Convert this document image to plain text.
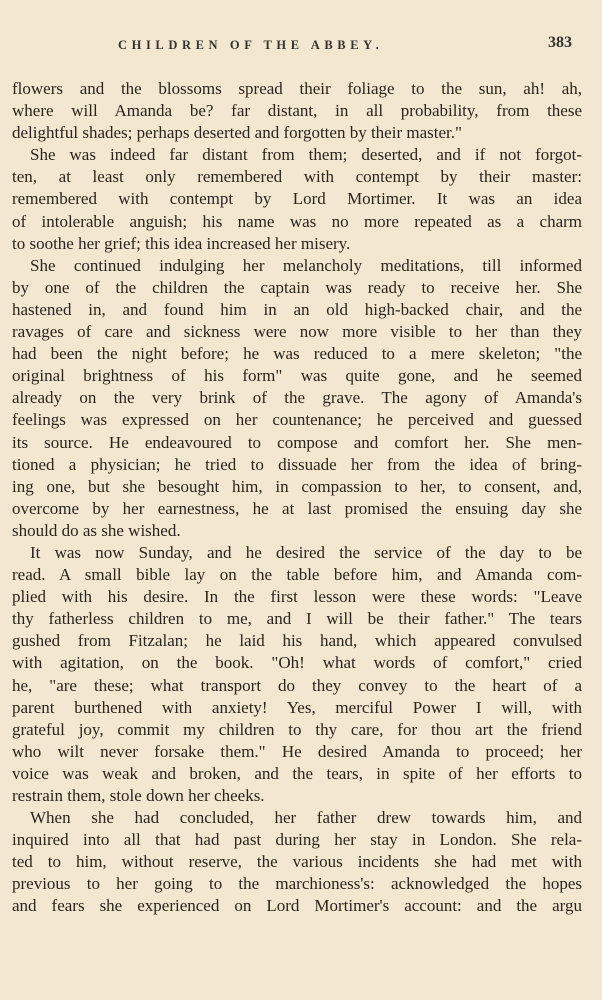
CHILDREN OF THE ABBEY.	383
flowers and the blossoms spread their foliage to the sun, ah! ah,
where will Amanda be? far distant, in all probability, from these
delightful shades; perhaps deserted and forgotten by their master."
She was indeed far distant from them; deserted, and if not forgot-
ten, at least only remembered with contempt by their master:
remembered with contempt by Lord Mortimer. It was an idea
of intolerable anguish; his name was no more repeated as a charm
to soothe her grief; this idea increased her misery.
She continued indulging her melancholy meditations, till informed
by one of the children the captain was ready to receive her. She
hastened in, and found him in an old high-backed chair, and the
ravages of care and sickness were now more visible to her than they
had been the night before; he was reduced to a mere skeleton; "the
original brightness of his form" was quite gone, and he seemed
already on the very brink of the grave. The agony of Amanda's
feelings was expressed on her countenance; he perceived and guessed
its source. He endeavoured to compose and comfort her. She men-
tioned a physician; he tried to dissuade her from the idea of bring-
ing one, but she besought him, in compassion to her, to consent, and,
overcome by her earnestness, he at last promised the ensuing day she
should do as she wished.
It was now Sunday, and he desired the service of the day to be
read. A small bible lay on the table before him, and Amanda com-
plied with his desire. In the first lesson were these words: "Leave
thy fatherless children to me, and I will be their father." The tears
gushed from Fitzalan; he laid his hand, which appeared convulsed
with agitation, on the book. "Oh! what words of comfort," cried
he, "are these; what transport do they convey to the heart of a
parent burthened with anxiety! Yes, merciful Power I will, with
grateful joy, commit my children to thy care, for thou art the friend
who wilt never forsake them." He desired Amanda to proceed; her
voice was weak and broken, and the tears, in spite of her efforts to
restrain them, stole down her cheeks.
When she had concluded, her father drew towards him, and
inquired into all that had past during her stay in London. She rela-
ted to him, without reserve, the various incidents she had met with
previous to her going to the marchioness's: acknowledged the hopes
and fears she experienced on Lord Mortimer's account: and the argu
